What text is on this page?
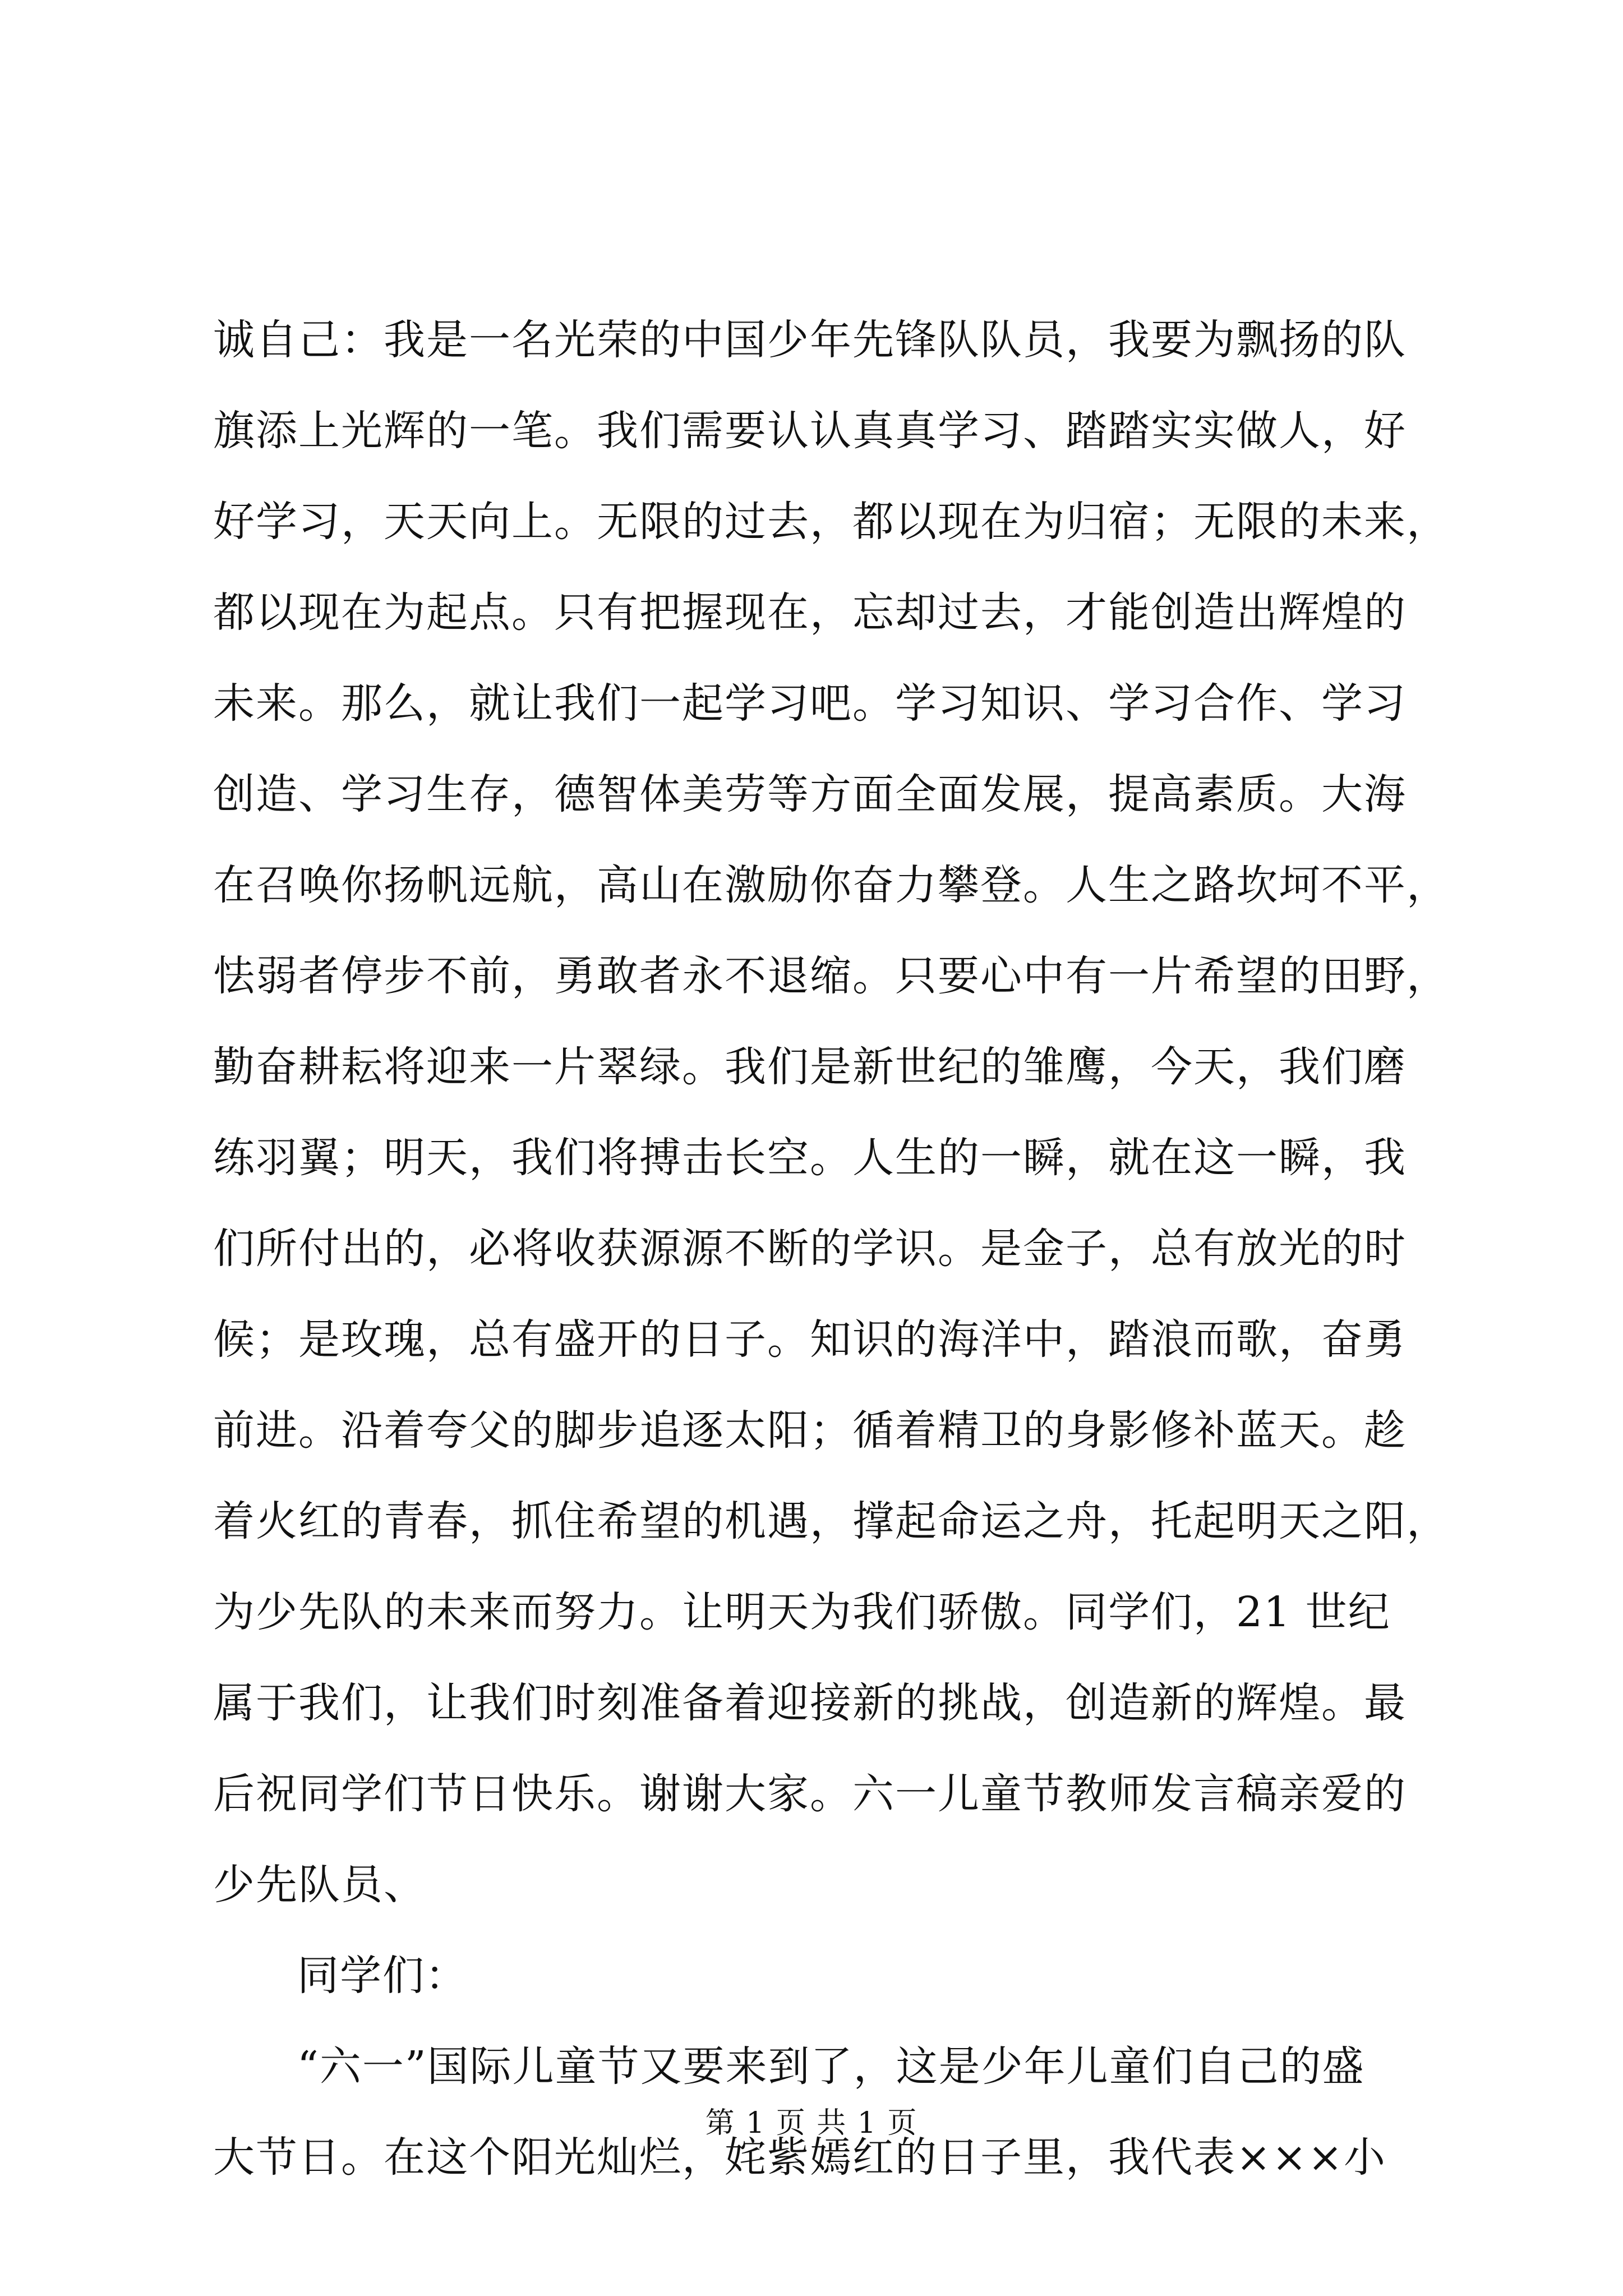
诚自己：我是一名光荣的中国少年先锋队队员，我要为飘扬的队
旗添上光辉的一笔。我们需要认认真真学习、踏踏实实做人，好
好学习，天天向上。无限的过去，都以现在为归宿；无限的未来，
都以现在为起点。只有把握现在，忘却过去，才能创造出辉煌的
未来。那么，就让我们一起学习吧。学习知识、学习合作、学习
创造、学习生存，德智体美劳等方面全面发展，提高素质。大海
在召唤你扬帆远航，高山在激励你奋力攀登。人生之路坎坷不平，
怯弱者停步不前，勇敢者永不退缩。只要心中有一片希望的田野，
勤奋耕耘将迎来一片翠绿。我们是新世纪的雏鹰，今天，我们磨
练羽翼；明天，我们将搏击长空。人生的一瞬，就在这一瞬，我
们所付出的，必将收获源源不断的学识。是金子，总有放光的时
候；是玫瑰，总有盛开的日子。知识的海洋中，踏浪而歌，奋勇
前进。沿着夸父的脚步追逐太阳；循着精卫的身影修补蓝天。趁
着火红的青春，抓住希望的机遇，撑起命运之舟，托起明天之阳，
为少先队的未来而努力。让明天为我们骄傲。同学们，21 世纪
属于我们，让我们时刻准备着迎接新的挑战，创造新的辉煌。最
后祝同学们节日快乐。谢谢大家。六一儿童节教师发言稿亲爱的
少先队员、
同学们：
“六一”国际儿童节又要来到了，这是少年儿童们自己的盛
大节日。在这个阳光灿烂，姹紫嫣红的日子里，我代表×××小
第 1 页 共 1 页
